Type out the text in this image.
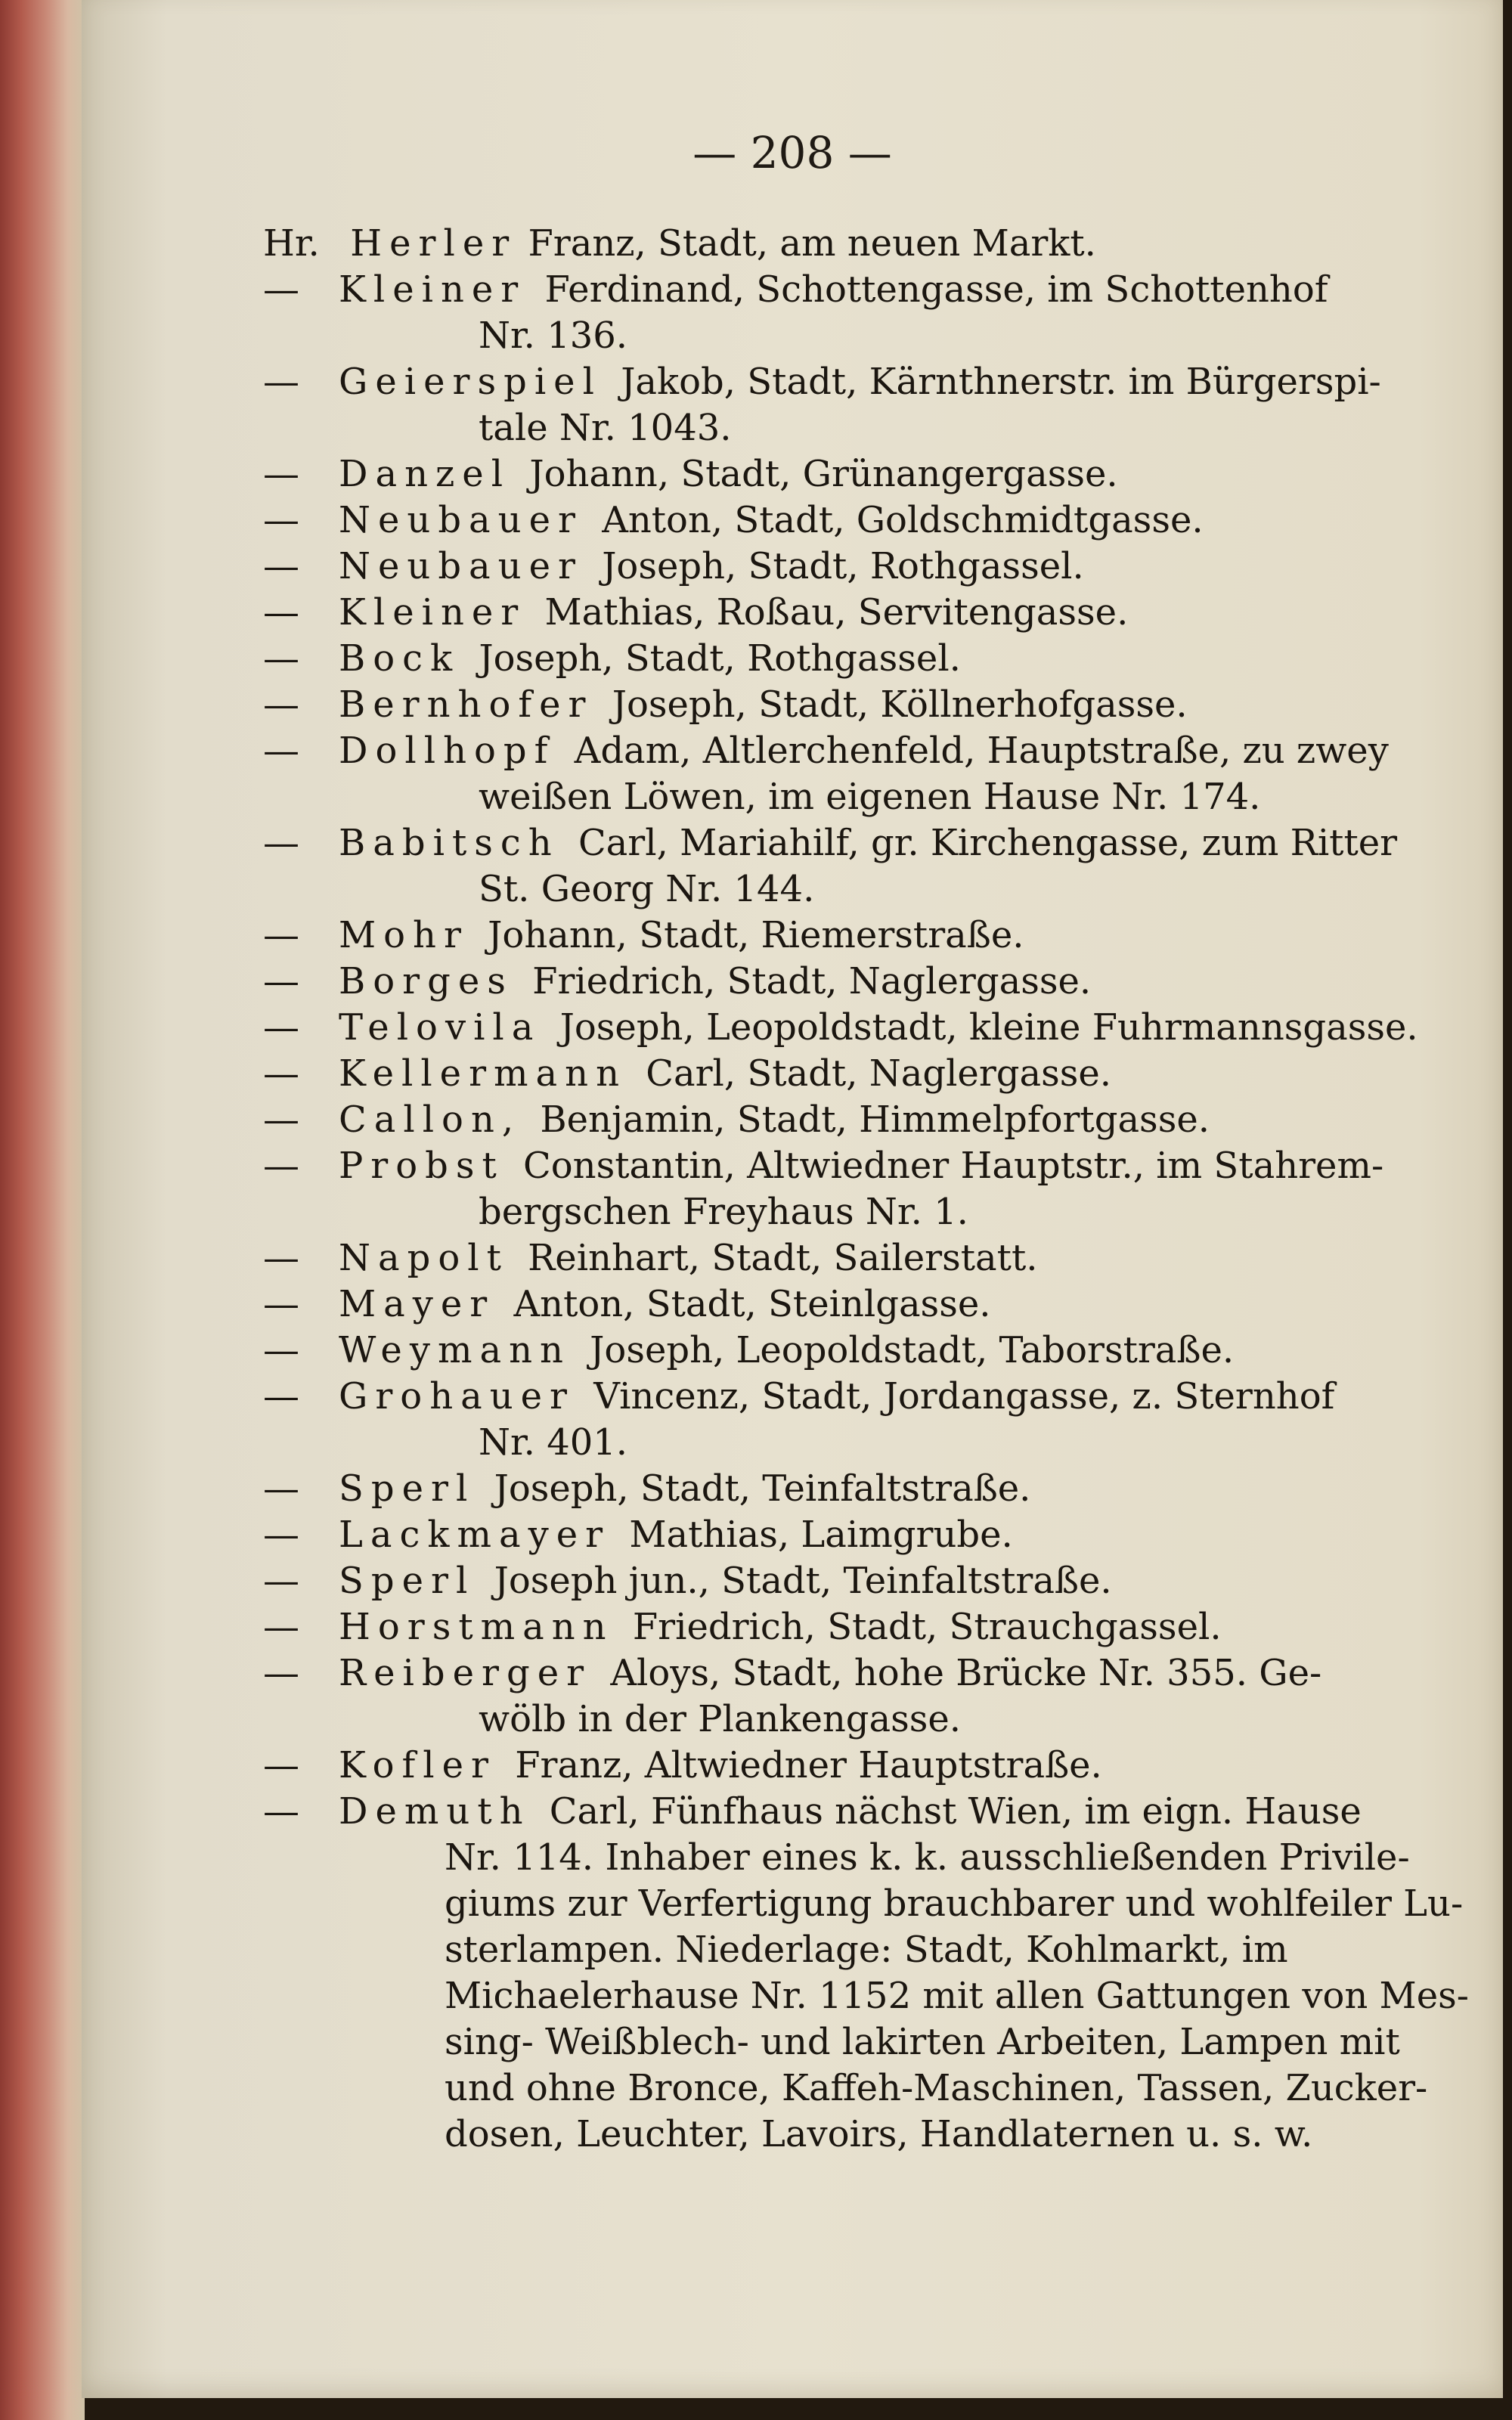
— 208 —
Hr. Herler Franz, Stadt, am neuen Markt.
— Kleiner Ferdinand, Schottengasse, im Schottenhof
Nr. 136.
— Geierspiel Jakob, Stadt, Kärnthnerstr. im Bürgerspi-
tale Nr. 1043.
— Danzel Johann, Stadt, Grünangergasse.
— Neubauer Anton, Stadt, Goldschmidtgasse.
— Neubauer Joseph, Stadt, Rothgassel.
— Kleiner Mathias, Roßau, Servitengasse.
— Bock Joseph, Stadt, Rothgassel.
— Bernhofer Joseph, Stadt, Köllnerhofgasse.
— Dollhopf Adam, Altlerchenfeld, Hauptstraße, zu zwey
weißen Löwen, im eigenen Hause Nr. 174.
— Babitsch Carl, Mariahilf, gr. Kirchengasse, zum Ritter
St. Georg Nr. 144.
— Mohr Johann, Stadt, Riemerstraße.
— Borges Friedrich, Stadt, Naglergasse.
— Telovila Joseph, Leopoldstadt, kleine Fuhrmannsgasse.
— Kellermann Carl, Stadt, Naglergasse.
— Callon, Benjamin, Stadt, Himmelpfortgasse.
— Probst Constantin, Altwiedner Hauptstr., im Stahrem-
bergschen Freyhaus Nr. 1.
— Napolt Reinhart, Stadt, Sailerstatt.
— Mayer Anton, Stadt, Steinlgasse.
— Weymann Joseph, Leopoldstadt, Taborstraße.
— Grohauer Vincenz, Stadt, Jordangasse, z. Sternhof
Nr. 401.
— Sperl Joseph, Stadt, Teinfaltstraße.
— Lackmayer Mathias, Laimgrube.
— Sperl Joseph jun., Stadt, Teinfaltstraße.
— Horstmann Friedrich, Stadt, Strauchgassel.
— Reiberger Aloys, Stadt, hohe Brücke Nr. 355. Ge-
wölb in der Plankengasse.
— Kofler Franz, Altwiedner Hauptstraße.
— Demuth Carl, Fünfhaus nächst Wien, im eign. Hause
Nr. 114. Inhaber eines k. k. ausschließenden Privile-
giums zur Verfertigung brauchbarer und wohlfeiler Lu-
sterlampen. Niederlage: Stadt, Kohlmarkt, im
Michaelerhause Nr. 1152 mit allen Gattungen von Mes-
sing- Weißblech- und lakirten Arbeiten, Lampen mit
und ohne Bronce, Kaffeh-Maschinen, Tassen, Zucker-
dosen, Leuchter, Lavoirs, Handlaternen u. s. w.
